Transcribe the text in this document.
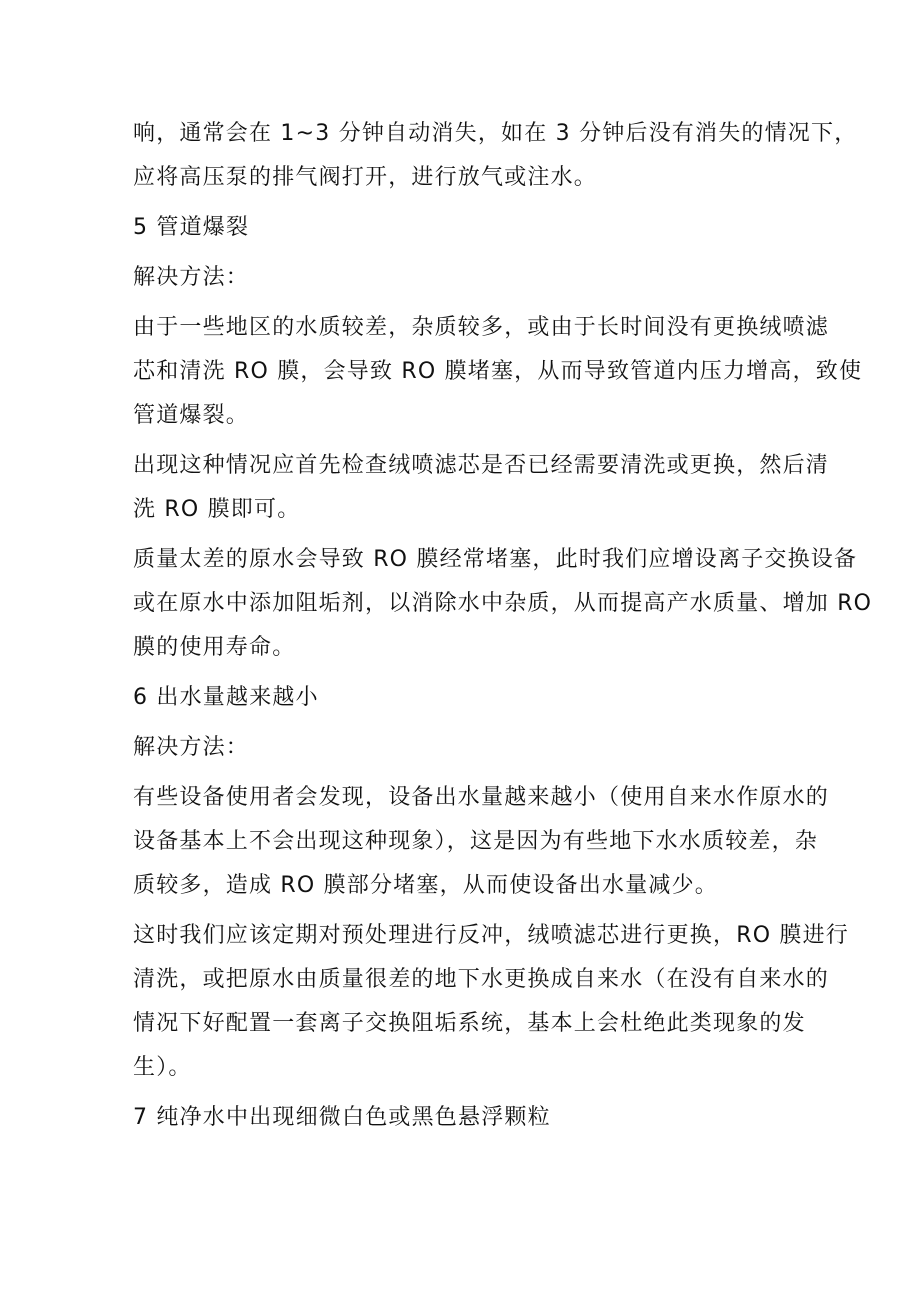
响，通常会在 1~3 分钟自动消失，如在 3 分钟后没有消失的情况下，
应将高压泵的排气阀打开，进行放气或注水。
5 管道爆裂
解决方法：
由于一些地区的水质较差，杂质较多，或由于长时间没有更换绒喷滤
芯和清洗 RO 膜，会导致 RO 膜堵塞，从而导致管道内压力增高，致使
管道爆裂。
出现这种情况应首先检查绒喷滤芯是否已经需要清洗或更换，然后清
洗 RO 膜即可。
质量太差的原水会导致 RO 膜经常堵塞，此时我们应增设离子交换设备
或在原水中添加阻垢剂，以消除水中杂质，从而提高产水质量、增加 RO
膜的使用寿命。
6 出水量越来越小
解决方法：
有些设备使用者会发现，设备出水量越来越小（使用自来水作原水的
设备基本上不会出现这种现象），这是因为有些地下水水质较差，杂
质较多，造成 RO 膜部分堵塞，从而使设备出水量减少。
这时我们应该定期对预处理进行反冲，绒喷滤芯进行更换，RO 膜进行
清洗，或把原水由质量很差的地下水更换成自来水（在没有自来水的
情况下好配置一套离子交换阻垢系统，基本上会杜绝此类现象的发
生）。
7 纯净水中出现细微白色或黑色悬浮颗粒
